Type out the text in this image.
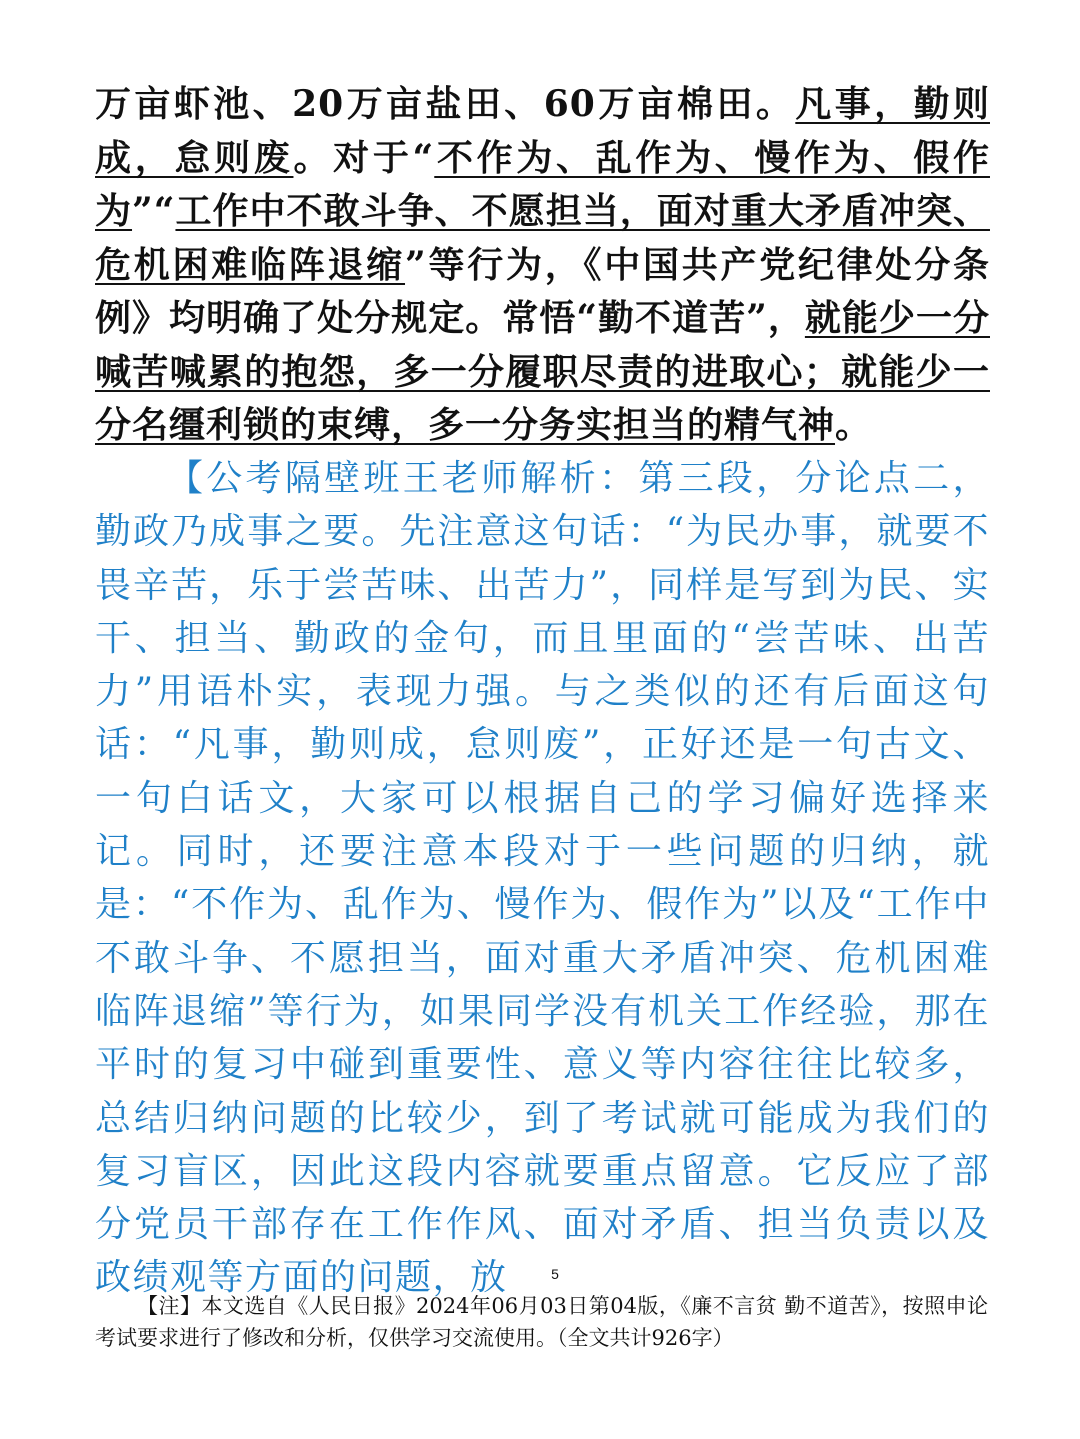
万亩虾池、20万亩盐田、60万亩棉田。凡事，勤则成，怠则废。对于“不作为、乱作为、慢作为、假作为”“工作中不敢斗争、不愿担当，面对重大矛盾冲突、危机困难临阵退缩”等行为，《中国共产党纪律处分条例》均明确了处分规定。常悟“勤不道苦”，就能少一分喊苦喊累的抱怨，多一分履职尽责的进取心；就能少一分名缰利锁的束缚，多一分务实担当的精气神。
【公考隔壁班王老师解析：第三段，分论点二，勤政乃成事之要。先注意这句话：“为民办事，就要不畏辛苦，乐于尝苦味、出苦力”，同样是写到为民、实干、担当、勤政的金句，而且里面的“尝苦味、出苦力”用语朴实，表现力强。与之类似的还有后面这句话：“凡事，勤则成，怠则废”，正好还是一句古文、一句白话文，大家可以根据自己的学习偏好选择来记。同时，还要注意本段对于一些问题的归纳，就是：“不作为、乱作为、慢作为、假作为”以及“工作中不敢斗争、不愿担当，面对重大矛盾冲突、危机困难临阵退缩”等行为，如果同学没有机关工作经验，那在平时的复习中碰到重要性、意义等内容往往比较多，总结归纳问题的比较少，到了考试就可能成为我们的复习盲区，因此这段内容就要重点留意。它反应了部分党员干部存在工作作风、面对矛盾、担当负责以及政绩观等方面的问题，放	5
【注】本文选自《人民日报》2024年06月03日第04版，《廉不言贫 勤不道苦》，按照申论考试要求进行了修改和分析，仅供学习交流使用。（全文共计926字）
